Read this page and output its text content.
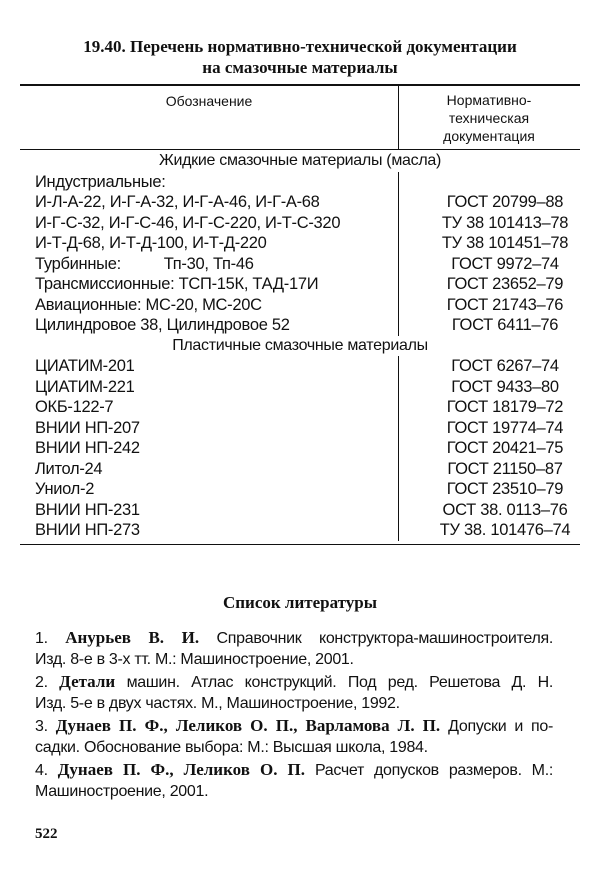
19.40. Перечень нормативно-технической документации
на смазочные материалы
Обозначение	Нормативно-
техническая
документация
Жидкие смазочные материалы (масла)
Индустриальные:
И-Л-А-22, И-Г-А-32, И-Г-А-46, И-Г-А-68	ГОСТ 20799–88
И-Г-С-32, И-Г-С-46, И-Г-С-220, И-Т-С-320	ТУ 38 101413–78
И-Т-Д-68, И-Т-Д-100, И-Т-Д-220	ТУ 38 101451–78
Турбинные:          Тп-30, Тп-46	ГОСТ 9972–74
Трансмиссионные: ТСП-15К, ТАД-17И	ГОСТ 23652–79
Авиационные: МС-20, МС-20С	ГОСТ 21743–76
Цилиндровое 38, Цилиндровое 52	ГОСТ 6411–76
Пластичные смазочные материалы
ЦИАТИМ-201	ГОСТ 6267–74
ЦИАТИМ-221	ГОСТ 9433–80
ОКБ-122-7	ГОСТ 18179–72
ВНИИ НП-207	ГОСТ 19774–74
ВНИИ НП-242	ГОСТ 20421–75
Литол-24	ГОСТ 21150–87
Униол-2	ГОСТ 23510–79
ВНИИ НП-231	ОСТ 38. 0113–76
ВНИИ НП-273	ТУ 38. 101476–74
Список литературы
1. Анурьев В. И. Справочник конструктора-машиностроителя.
Изд. 8-е в 3-х тт. М.: Машиностроение, 2001.
2. Детали машин. Атлас конструкций. Под ред. Решетова Д. Н.
Изд. 5-е в двух частях. М., Машиностроение, 1992.
3. Дунаев П. Ф., Леликов О. П., Варламова Л. П. Допуски и по-
садки. Обоснование выбора: М.: Высшая школа, 1984.
4. Дунаев П. Ф., Леликов О. П. Расчет допусков размеров. М.:
Машиностроение, 2001.
522
